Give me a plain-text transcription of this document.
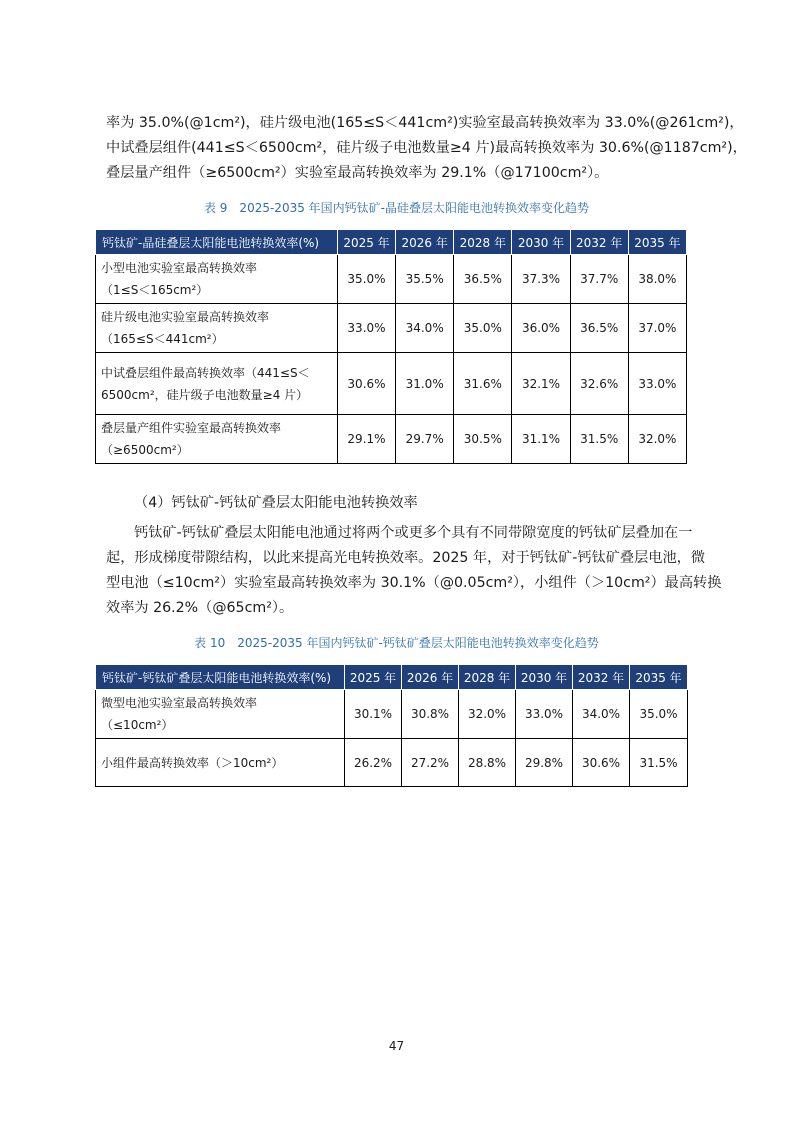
率为 35.0%(@1cm²)，硅片级电池(165≤S＜441cm²)实验室最高转换效率为 33.0%(@261cm²)，
中试叠层组件(441≤S＜6500cm²，硅片级子电池数量≥4 片)最高转换效率为 30.6%(@1187cm²)，
叠层量产组件（≥6500cm²）实验室最高转换效率为 29.1%（@17100cm²）。

表 9　2025-2035 年国内钙钛矿-晶硅叠层太阳能电池转换效率变化趋势

钙钛矿-晶硅叠层太阳能电池转换效率(%)	2025 年	2026 年	2028 年	2030 年	2032 年	2035 年

小型电池实验室最高转换效率
（1≤S＜165cm²）	35.0%	35.5%	36.5%	37.3%	37.7%	38.0%

硅片级电池实验室最高转换效率
（165≤S＜441cm²）	33.0%	34.0%	35.0%	36.0%	36.5%	37.0%

中试叠层组件最高转换效率（441≤S＜
6500cm²，硅片级子电池数量≥4 片）	30.6%	31.0%	31.6%	32.1%	32.6%	33.0%

叠层量产组件实验室最高转换效率
（≥6500cm²）	29.1%	29.7%	30.5%	31.1%	31.5%	32.0%

（4）钙钛矿-钙钛矿叠层太阳能电池转换效率

钙钛矿-钙钛矿叠层太阳能电池通过将两个或更多个具有不同带隙宽度的钙钛矿层叠加在一
起，形成梯度带隙结构，以此来提高光电转换效率。2025 年，对于钙钛矿-钙钛矿叠层电池，微
型电池（≤10cm²）实验室最高转换效率为 30.1%（@0.05cm²），小组件（＞10cm²）最高转换
效率为 26.2%（@65cm²）。

表 10　2025-2035 年国内钙钛矿-钙钛矿叠层太阳能电池转换效率变化趋势

钙钛矿-钙钛矿叠层太阳能电池转换效率(%)	2025 年	2026 年	2028 年	2030 年	2032 年	2035 年

微型电池实验室最高转换效率
（≤10cm²）	30.1%	30.8%	32.0%	33.0%	34.0%	35.0%

小组件最高转换效率（＞10cm²）	26.2%	27.2%	28.8%	29.8%	30.6%	31.5%
47
